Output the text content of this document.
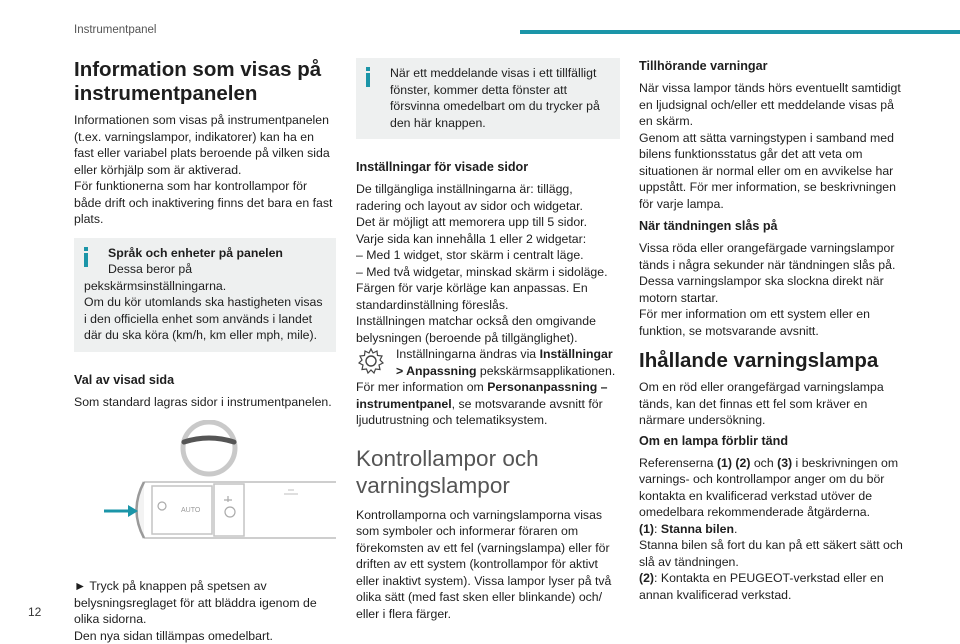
Instrumentpanel
Information som visas på instrumentpanelen

Informationen som visas på instrumentpanelen (t.ex. varningslampor, indikatorer) kan ha en fast eller variabel plats beroende på vilken sida eller körhjälp som är aktiverad.

För funktionerna som har kontrollampor för både drift och inaktivering finns det bara en fast plats.

Språk och enheter på panelen

Dessa beror på

pekskärmsinställningarna.

Om du kör utomlands ska hastigheten visas i den officiella enhet som används i landet där du ska köra (km/h, km eller mph, mile).

Val av visad sida

Som standard lagras sidor i instrumentpanelen.

AUTO

► Tryck på knappen på spetsen av belysningsreglaget för att bläddra igenom de olika sidorna.

Den nya sidan tillämpas omedelbart.

När ett meddelande visas i ett tillfälligt fönster, kommer detta fönster att försvinna omedelbart om du trycker på den här knappen.

Inställningar för visade sidor

De tillgängliga inställningarna är: tillägg, radering och layout av sidor och widgetar.

Det är möjligt att memorera upp till 5 sidor.

Varje sida kan innehålla 1 eller 2 widgetar:

– Med 1 widget, stor skärm i centralt läge.

– Med två widgetar, minskad skärm i sidoläge.

Färgen för varje körläge kan anpassas. En standardinställning föreslås.

Inställningen matchar också den omgivande belysningen (beroende på tillgänglighet).

Inställningarna ändras via Inställningar > Anpassning pekskärmsapplikationen.

För mer information om Personanpassning – instrumentpanel, se motsvarande avsnitt för ljudutrustning och telematiksystem.

Kontrollampor och varningslampor

Kontrollamporna och varningslamporna visas som symboler och informerar föraren om förekomsten av ett fel (varningslampa) eller för driften av ett system (kontrollampor för aktivt eller inaktivt system). Vissa lampor lyser på två olika sätt (med fast sken eller blinkande) och/ eller i flera färger.

Tillhörande varningar

När vissa lampor tänds hörs eventuellt samtidigt en ljudsignal och/eller ett meddelande visas på en skärm.

Genom att sätta varningstypen i samband med bilens funktionsstatus går det att veta om situationen är normal eller om en avvikelse har uppstått. För mer information, se beskrivningen för varje lampa.

När tändningen slås på

Vissa röda eller orangefärgade varningslampor tänds i några sekunder när tändningen slås på. Dessa varningslampor ska slockna direkt när motorn startar.

För mer information om ett system eller en funktion, se motsvarande avsnitt.

Ihållande varningslampa

Om en röd eller orangefärgad varningslampa tänds, kan det finnas ett fel som kräver en närmare undersökning.

Om en lampa förblir tänd

Referenserna (1) (2) och (3) i beskrivningen om varnings- och kontrollampor anger om du bör kontakta en kvalificerad verkstad utöver de omedelbara rekommenderade åtgärderna.

(1): Stanna bilen.

Stanna bilen så fort du kan på ett säkert sätt och slå av tändningen.

(2): Kontakta en PEUGEOT-verkstad eller en annan kvalificerad verkstad.

12
